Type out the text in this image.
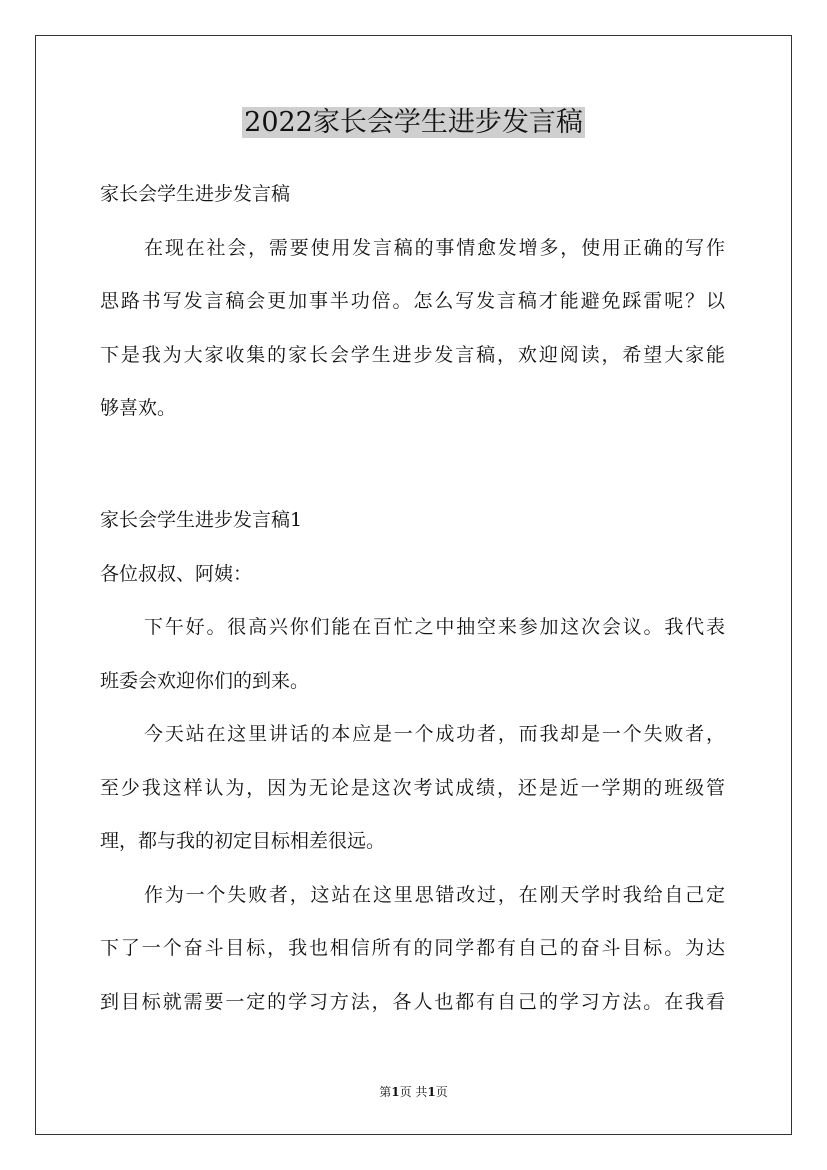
2022家长会学生进步发言稿
家长会学生进步发言稿
在现在社会，需要使用发言稿的事情愈发增多，使用正确的写作
思路书写发言稿会更加事半功倍。怎么写发言稿才能避免踩雷呢？以
下是我为大家收集的家长会学生进步发言稿，欢迎阅读，希望大家能
够喜欢。
家长会学生进步发言稿1
各位叔叔、阿姨：
下午好。很高兴你们能在百忙之中抽空来参加这次会议。我代表
班委会欢迎你们的到来。
今天站在这里讲话的本应是一个成功者，而我却是一个失败者，
至少我这样认为，因为无论是这次考试成绩，还是近一学期的班级管
理，都与我的初定目标相差很远。
作为一个失败者，这站在这里思错改过，在刚天学时我给自己定
下了一个奋斗目标，我也相信所有的同学都有自己的奋斗目标。为达
到目标就需要一定的学习方法，各人也都有自己的学习方法。在我看
第1页 共1页
